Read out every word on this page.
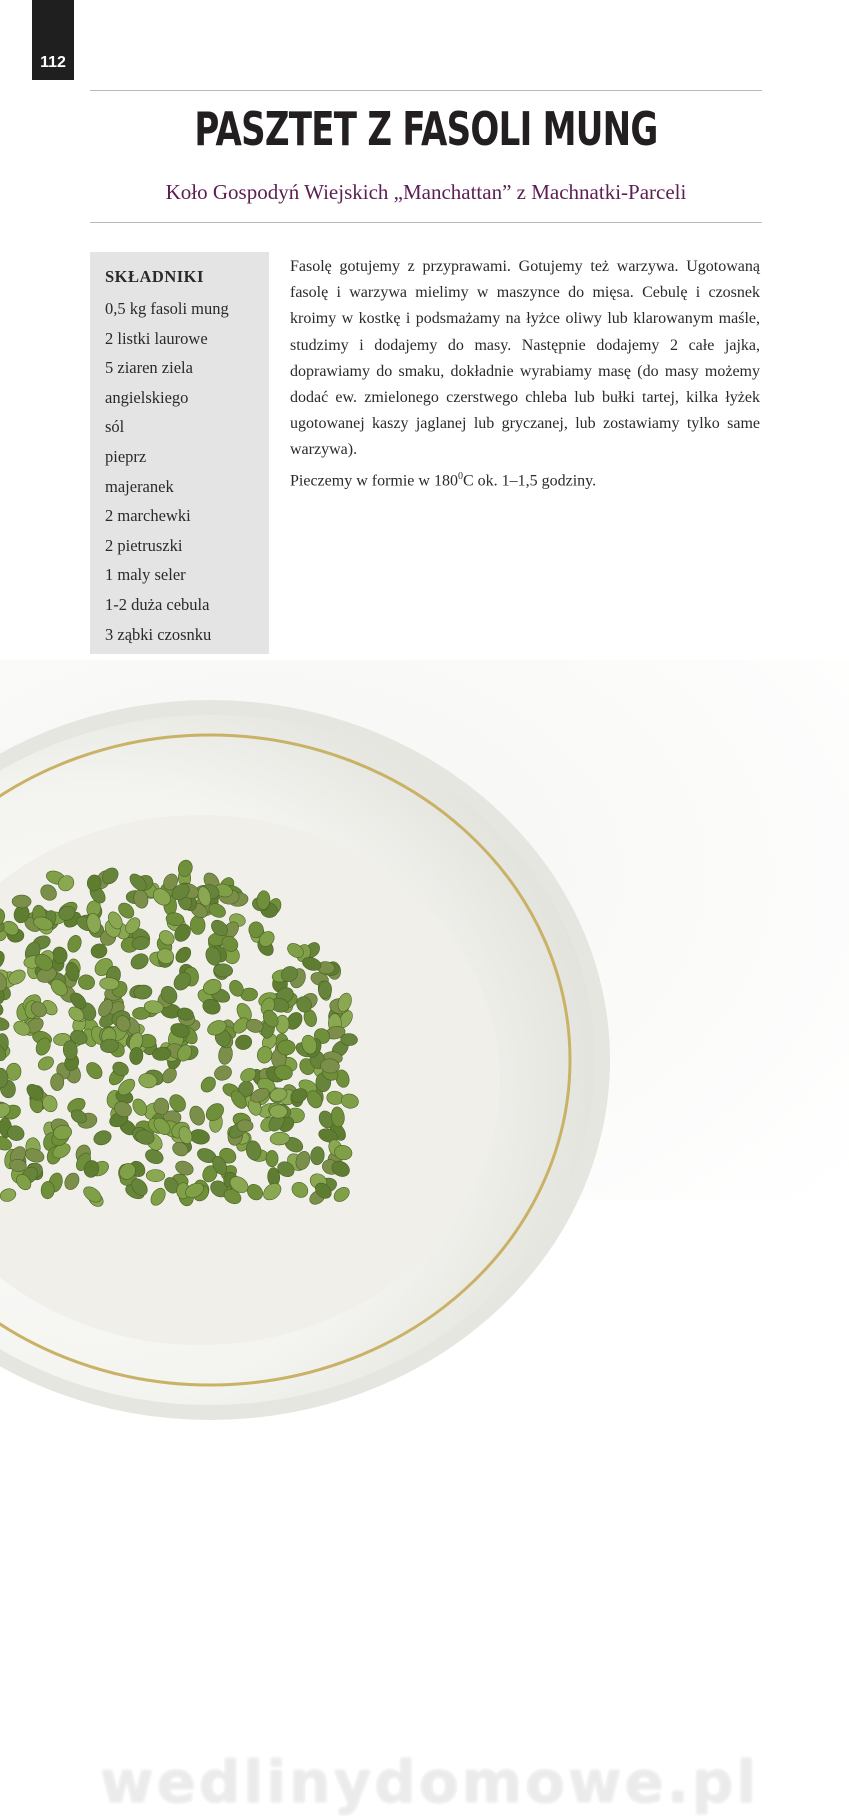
112
PASZTET Z FASOLI MUNG
Koło Gospodyń Wiejskich „Manchattan” z Machnatki-Parceli
SKŁADNIKI
0,5 kg fasoli mung
2 listki laurowe
5 ziaren ziela
angielskiego
sól
pieprz
majeranek
2 marchewki
2 pietruszki
1 maly seler
1-2 duża cebula
3 ząbki czosnku

Fasolę gotujemy z przyprawami. Gotujemy też warzywa. Ugotowaną fasolę i warzywa mielimy w maszynce do mięsa. Cebulę i czosnek kroimy w kostkę i podsmażamy na łyżce oliwy lub klarowanym maśle, studzimy i dodajemy do masy. Następnie dodajemy 2 całe jajka, doprawiamy do smaku, dokładnie wyrabiamy masę (do masy możemy dodać ew. zmielonego czerstwego chleba lub bułki tartej, kilka łyżek ugotowanej kaszy jaglanej lub gryczanej, lub zostawiamy tylko same warzywa).

Pieczemy w formie w $180^0C$ ok. 1–1,5 godziny.

wedlinydomowe.pl
